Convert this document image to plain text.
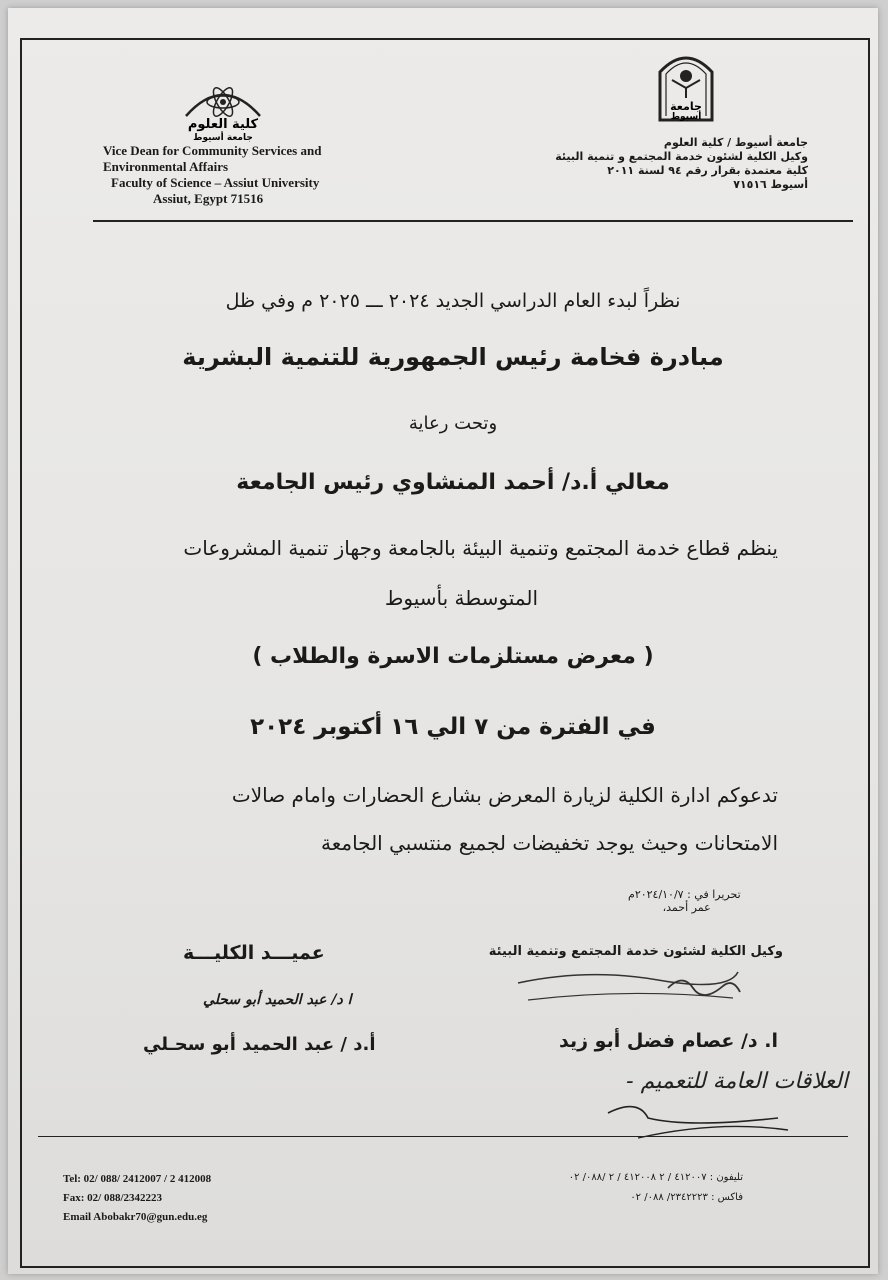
كلية العلوم
جامعة أسيوط
جامعة
أسيوط
Vice Dean for Community Services and
Environmental Affairs
Faculty of Science – Assiut University
Assiut, Egypt 71516
جامعة أسيوط / كلية العلوم
وكيل الكلية لشئون خدمة المجتمع و تنمية البيئة
كلية معتمدة بقرار رقم ٩٤ لسنة ٢٠١١
أسيوط ٧١٥١٦
نظراً لبدء العام الدراسي الجديد ٢٠٢٤ ـــ ٢٠٢٥ م وفي ظل
مبادرة فخامة رئيس الجمهورية للتنمية البشرية
وتحت رعاية
معالي أ.د/ أحمد المنشاوي رئيس الجامعة
ينظم قطاع خدمة المجتمع وتنمية البيئة بالجامعة وجهاز تنمية المشروعات
المتوسطة بأسيوط
( معرض مستلزمات الاسرة والطلاب )
في الفترة من ٧ الي ١٦ أكتوبر ٢٠٢٤
تدعوكم ادارة الكلية لزيارة المعرض بشارع الحضارات وامام صالات
الامتحانات وحيث يوجد تخفيضات لجميع منتسبي الجامعة
تحريرا في : ٢٠٢٤/١٠/٧م
عمر أحمد،
وكيل الكلية لشئون خدمة المجتمع وتنمية البيئة
عميـــد الكليـــة
ا د/ عبد الحميد أبو سحلي
ا. د/ عصام فضل أبو زيد
أ.د / عبد الحميد أبو سحـلي
- العلاقات العامة للتعميم
Tel: 02/ 088/ 2412007 / 2 412008
Fax: 02/ 088/2342223
Email Abobakr70@gun.edu.eg
تليفون : ٤١٢٠٠٧ / ٢ ٤١٢٠٠٨ / ٢ /٠٨٨/ ٠٢
فاكس : ٢٣٤٢٢٢٣/ ٠٨٨/ ٠٢
